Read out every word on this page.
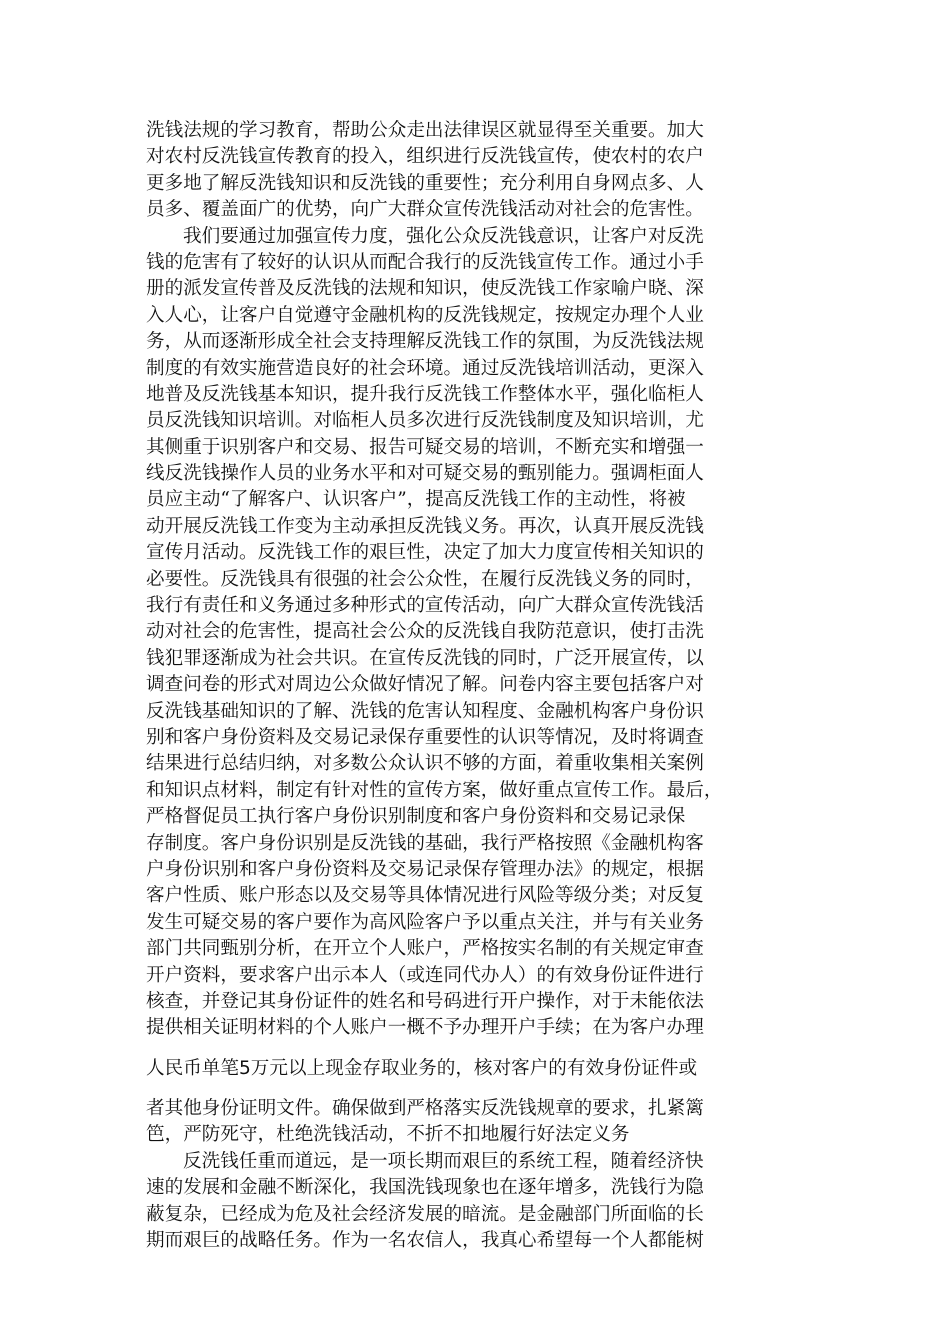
洗钱法规的学习教育，帮助公众走出法律误区就显得至关重要。加大
对农村反洗钱宣传教育的投入，组织进行反洗钱宣传，使农村的农户
更多地了解反洗钱知识和反洗钱的重要性；充分利用自身网点多、人
员多、覆盖面广的优势，向广大群众宣传洗钱活动对社会的危害性。
我们要通过加强宣传力度，强化公众反洗钱意识，让客户对反洗
钱的危害有了较好的认识从而配合我行的反洗钱宣传工作。通过小手
册的派发宣传普及反洗钱的法规和知识，使反洗钱工作家喻户晓、深
入人心，让客户自觉遵守金融机构的反洗钱规定，按规定办理个人业
务，从而逐渐形成全社会支持理解反洗钱工作的氛围，为反洗钱法规
制度的有效实施营造良好的社会环境。通过反洗钱培训活动，更深入
地普及反洗钱基本知识，提升我行反洗钱工作整体水平，强化临柜人
员反洗钱知识培训。对临柜人员多次进行反洗钱制度及知识培训，尤
其侧重于识别客户和交易、报告可疑交易的培训，不断充实和增强一
线反洗钱操作人员的业务水平和对可疑交易的甄别能力。强调柜面人
员应主动“了解客户、认识客户”，提高反洗钱工作的主动性，将被
动开展反洗钱工作变为主动承担反洗钱义务。再次，认真开展反洗钱
宣传月活动。反洗钱工作的艰巨性，决定了加大力度宣传相关知识的
必要性。反洗钱具有很强的社会公众性，在履行反洗钱义务的同时，
我行有责任和义务通过多种形式的宣传活动，向广大群众宣传洗钱活
动对社会的危害性，提高社会公众的反洗钱自我防范意识，使打击洗
钱犯罪逐渐成为社会共识。在宣传反洗钱的同时，广泛开展宣传，以
调查问卷的形式对周边公众做好情况了解。问卷内容主要包括客户对
反洗钱基础知识的了解、洗钱的危害认知程度、金融机构客户身份识
别和客户身份资料及交易记录保存重要性的认识等情况，及时将调查
结果进行总结归纳，对多数公众认识不够的方面，着重收集相关案例
和知识点材料，制定有针对性的宣传方案，做好重点宣传工作。最后，
严格督促员工执行客户身份识别制度和客户身份资料和交易记录保
存制度。客户身份识别是反洗钱的基础，我行严格按照《金融机构客
户身份识别和客户身份资料及交易记录保存管理办法》的规定，根据
客户性质、账户形态以及交易等具体情况进行风险等级分类；对反复
发生可疑交易的客户要作为高风险客户予以重点关注，并与有关业务
部门共同甄别分析，在开立个人账户，严格按实名制的有关规定审查
开户资料，要求客户出示本人（或连同代办人）的有效身份证件进行
核查，并登记其身份证件的姓名和号码进行开户操作，对于未能依法
提供相关证明材料的个人账户一概不予办理开户手续；在为客户办理
人民币单笔5万元以上现金存取业务的，核对客户的有效身份证件或
者其他身份证明文件。确保做到严格落实反洗钱规章的要求，扎紧篱
笆，严防死守，杜绝洗钱活动，不折不扣地履行好法定义务
反洗钱任重而道远，是一项长期而艰巨的系统工程，随着经济快
速的发展和金融不断深化，我国洗钱现象也在逐年增多，洗钱行为隐
蔽复杂，已经成为危及社会经济发展的暗流。是金融部门所面临的长
期而艰巨的战略任务。作为一名农信人，我真心希望每一个人都能树
